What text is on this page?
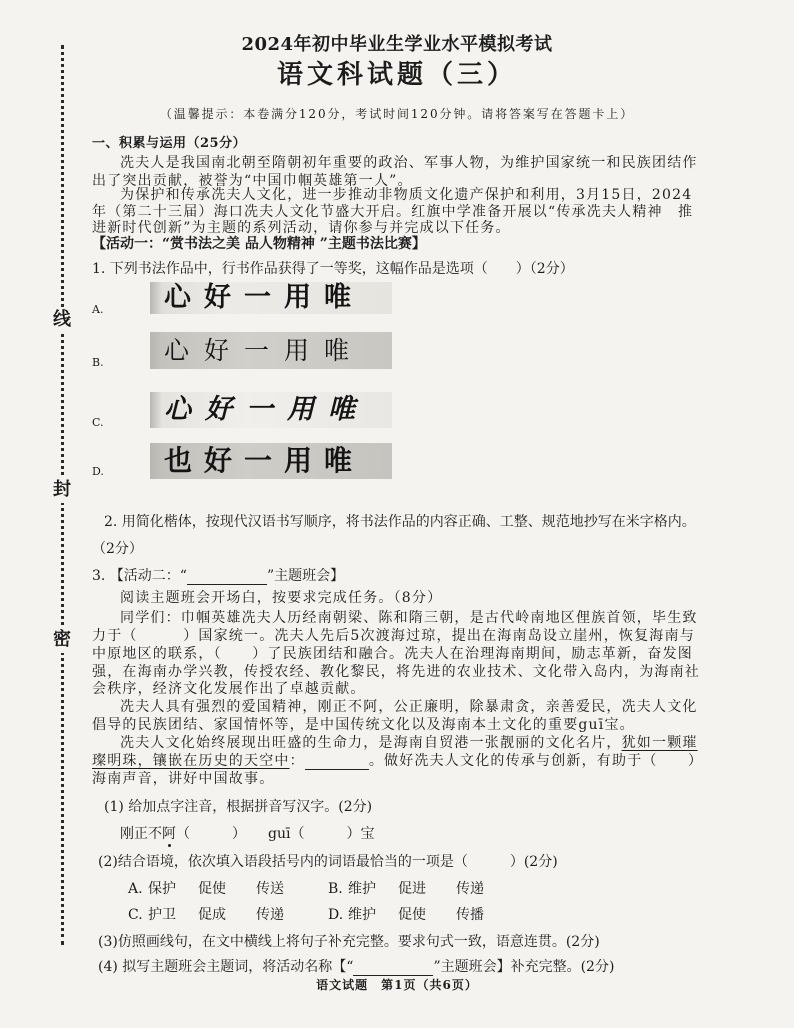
线
封
密
2024年初中毕业生学业水平模拟考试
语文科试题（三）
（温馨提示：本卷满分120分，考试时间120分钟。请将答案写在答题卡上）
一、积累与运用（25分）
冼夫人是我国南北朝至隋朝初年重要的政治、军事人物，为维护国家统一和民族团结作
出了突出贡献，被誉为“中国巾帼英雄第一人”。
为保护和传承冼夫人文化，进一步推动非物质文化遗产保护和利用，3月15日，2024
年（第二十三届）海口冼夫人文化节盛大开启。红旗中学准备开展以“传承冼夫人精神　推
进新时代创新”为主题的系列活动，请你参与并完成以下任务。
【活动一：“赏书法之美 品人物精神 ”主题书法比赛】
1. 下列书法作品中，行书作品获得了一等奖，这幅作品是选项（　　）（2分）
A.	心好一用唯
B.	心好一用唯
C.	心好一用唯
D.	也好一用唯
2. 用简化楷体，按现代汉语书写顺序，将书法作品的内容正确、工整、规范地抄写在米字格内。
（2分）
3. 【活动二：“	”主题班会】
阅读主题班会开场白，按要求完成任务。（8分）
同学们：巾帼英雄冼夫人历经南朝梁、陈和隋三朝，是古代岭南地区俚族首领，毕生致
力于（　　　）国家统一。冼夫人先后5次渡海过琼，提出在海南岛设立崖州，恢复海南与
中原地区的联系，（　　）了民族团结和融合。冼夫人在治理海南期间，励志革新，奋发图
强，在海南办学兴教，传授农经、教化黎民，将先进的农业技术、文化带入岛内，为海南社
会秩序，经济文化发展作出了卓越贡献。
冼夫人具有强烈的爱国精神，刚正不阿，公正廉明，除暴肃贪，亲善爱民，冼夫人文化
倡导的民族团结、家国情怀等，是中国传统文化以及海南本土文化的重要guī宝。
冼夫人文化始终展现出旺盛的生命力，是海南自贸港一张靓丽的文化名片，犹如一颗璀
璨明珠，镶嵌在历史的天空中：	。做好冼夫人文化的传承与创新，有助于（　　）
海南声音，讲好中国故事。
(1) 给加点字注音，根据拼音写汉字。(2分)
刚正不阿（　　　） guī（　　　）宝
(2)结合语境，依次填入语段括号内的词语最恰当的一项是（　　　）(2分)
A. 保护	促使	传送	B. 维护	促进	传递
C. 护卫	促成	传递	D. 维护	促使	传播
(3)仿照画线句，在文中横线上将句子补充完整。要求句式一致，语意连贯。(2分)
(4) 拟写主题班会主题词，将活动名称【“	”主题班会】补充完整。(2分)
语文试题　第1页（共6页）
